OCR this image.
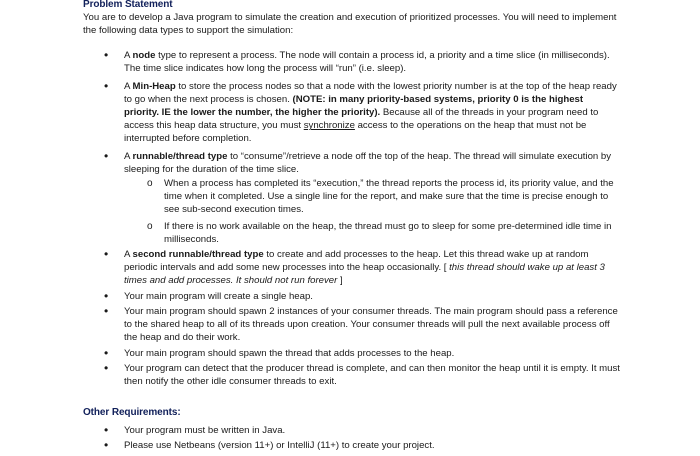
Problem Statement
You are to develop a Java program to simulate the creation and execution of prioritized processes. You will need to implement the following data types to support the simulation:
•	A node type to represent a process. The node will contain a process id, a priority and a time slice (in milliseconds). The time slice indicates how long the process will “run” (i.e. sleep).
•	A Min-Heap to store the process nodes so that a node with the lowest priority number is at the top of the heap ready to go when the next process is chosen. (NOTE: in many priority-based systems, priority 0 is the highest priority. IE the lower the number, the higher the priority). Because all of the threads in your program need to access this heap data structure, you must synchronize access to the operations on the heap that must not be interrupted before completion.
•	A runnable/thread type to “consume”/retrieve a node off the top of the heap. The thread will simulate execution by sleeping for the duration of the time slice.
o	When a process has completed its “execution,” the thread reports the process id, its priority value, and the time when it completed. Use a single line for the report, and make sure that the time is precise enough to see sub-second execution times.
o	If there is no work available on the heap, the thread must go to sleep for some pre-determined idle time in milliseconds.
•	A second runnable/thread type to create and add processes to the heap. Let this thread wake up at random periodic intervals and add some new processes into the heap occasionally. [ this thread should wake up at least 3 times and add processes. It should not run forever ]
•	Your main program will create a single heap.
•	Your main program should spawn 2 instances of your consumer threads. The main program should pass a reference to the shared heap to all of its threads upon creation. Your consumer threads will pull the next available process off the heap and do their work.
•	Your main program should spawn the thread that adds processes to the heap.
•	Your program can detect that the producer thread is complete, and can then monitor the heap until it is empty. It must then notify the other idle consumer threads to exit.
Other Requirements:
•	Your program must be written in Java.
•	Please use Netbeans (version 11+) or IntelliJ (11+) to create your project.
